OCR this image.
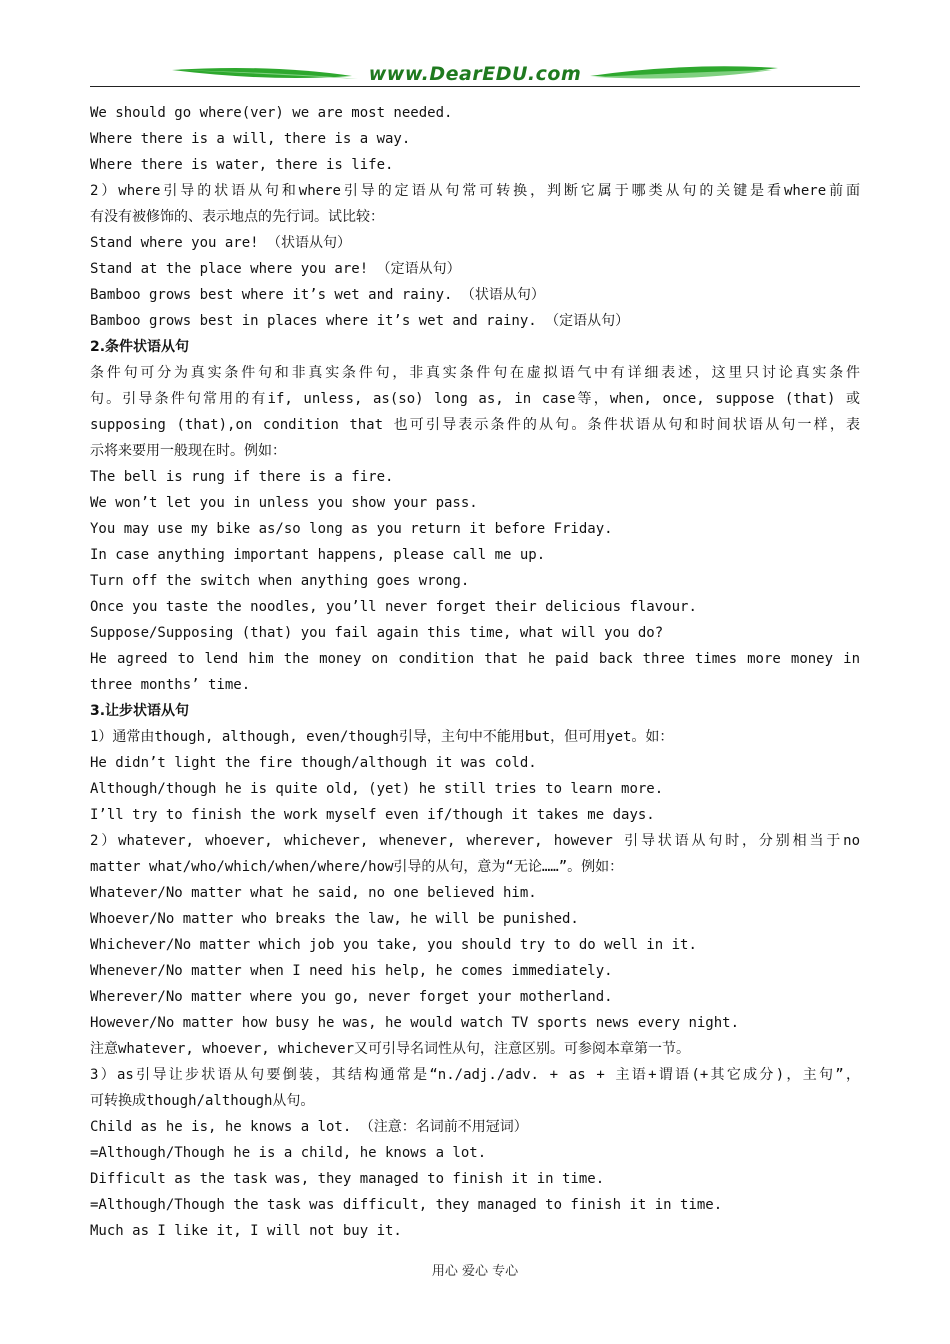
www.DearEDU.com
We should go where(ver) we are most needed.
Where there is a will, there is a way.
Where there is water, there is life.
2）where引导的状语从句和where引导的定语从句常可转换，判断它属于哪类从句的关键是看where前面
有没有被修饰的、表示地点的先行词。试比较：
Stand where you are! （状语从句）
Stand at the place where you are! （定语从句）
Bamboo grows best where it’s wet and rainy. （状语从句）
Bamboo grows best in places where it’s wet and rainy. （定语从句）
2.条件状语从句
条件句可分为真实条件句和非真实条件句，非真实条件句在虚拟语气中有详细表述，这里只讨论真实条件
句。引导条件句常用的有if, unless, as(so) long as, in case等，when, once, suppose (that) 或
supposing (that),on condition that 也可引导表示条件的从句。条件状语从句和时间状语从句一样，表
示将来要用一般现在时。例如：
The bell is rung if there is a fire.
We won’t let you in unless you show your pass.
You may use my bike as/so long as you return it before Friday.
In case anything important happens, please call me up.
Turn off the switch when anything goes wrong.
Once you taste the noodles, you’ll never forget their delicious flavour.
Suppose/Supposing (that) you fail again this time, what will you do?
He agreed to lend him the money on condition that he paid back three times more money in
three months’ time.
3.让步状语从句
1）通常由though, although, even/though引导，主句中不能用but，但可用yet。如：
He didn’t light the fire though/although it was cold.
Although/though he is quite old, (yet) he still tries to learn more.
I’ll try to finish the work myself even if/though it takes me days.
2）whatever, whoever, whichever, whenever, wherever, however 引导状语从句时，分别相当于no
matter what/who/which/when/where/how引导的从句，意为“无论……”。例如：
Whatever/No matter what he said, no one believed him.
Whoever/No matter who breaks the law, he will be punished.
Whichever/No matter which job you take, you should try to do well in it.
Whenever/No matter when I need his help, he comes immediately.
Wherever/No matter where you go, never forget your motherland.
However/No matter how busy he was, he would watch TV sports news every night.
注意whatever, whoever, whichever又可引导名词性从句，注意区别。可参阅本章第一节。
3）as引导让步状语从句要倒装，其结构通常是“n./adj./adv. + as + 主语+谓语(+其它成分)，主句”，
可转换成though/although从句。
Child as he is, he knows a lot. （注意：名词前不用冠词）
=Although/Though he is a child, he knows a lot.
Difficult as the task was, they managed to finish it in time.
=Although/Though the task was difficult, they managed to finish it in time.
Much as I like it, I will not buy it.
用心 爱心 专心
